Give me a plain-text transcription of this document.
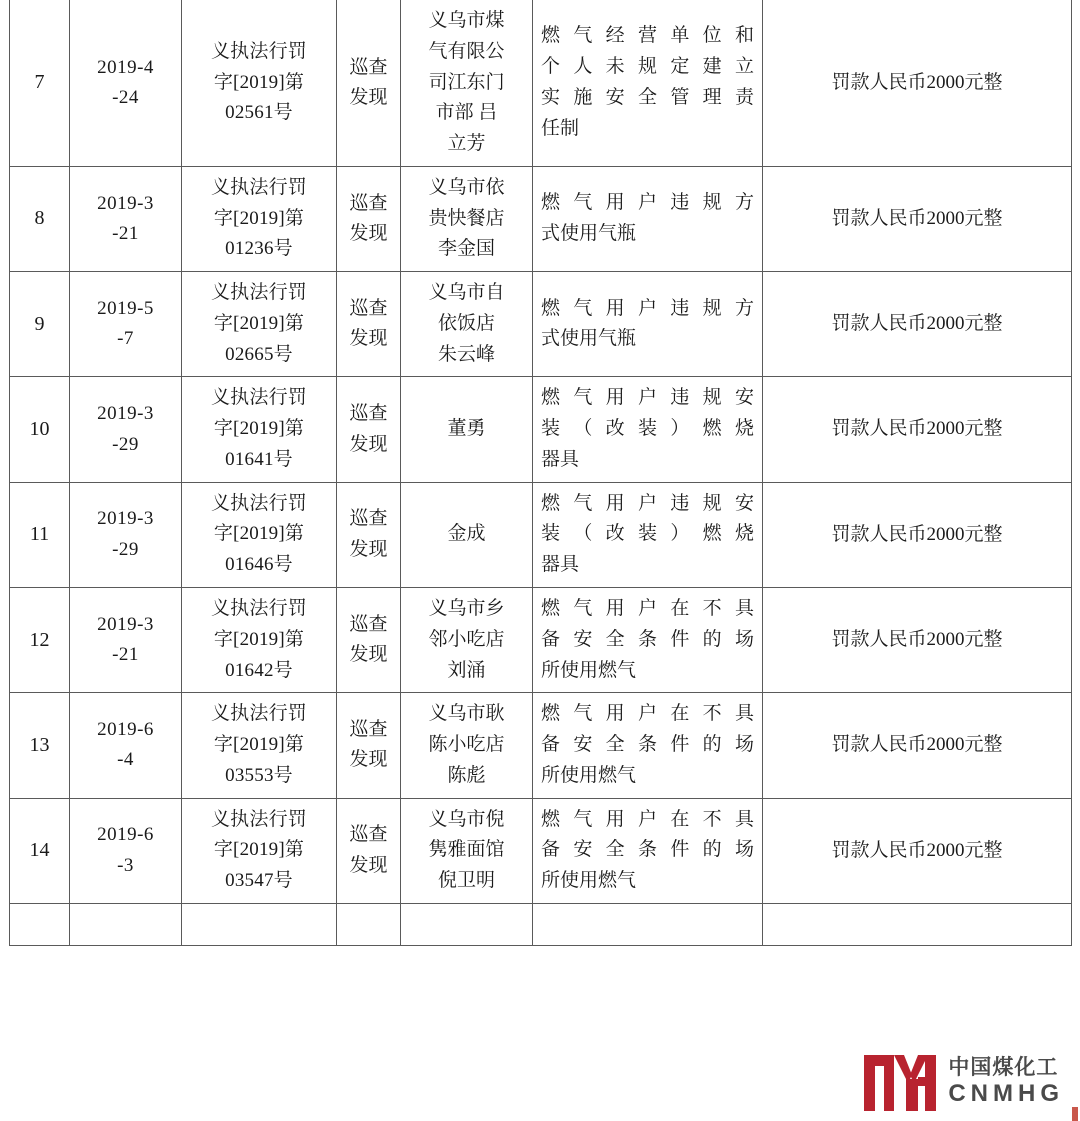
7	2019-4
-24	义执法行罚
字[2019]第
02561号	巡查
发现	义乌市煤
气有限公
司江东门
市部 吕
立芳	燃气经营单位和
个人未规定建立
实施安全管理责
任制	罚款人民币2000元整
8	2019-3
-21	义执法行罚
字[2019]第
01236号	巡查
发现	义乌市依
贵快餐店
李金国	燃气用户违规方
式使用气瓶	罚款人民币2000元整
9	2019-5
-7	义执法行罚
字[2019]第
02665号	巡查
发现	义乌市自
依饭店
朱云峰	燃气用户违规方
式使用气瓶	罚款人民币2000元整
10	2019-3
-29	义执法行罚
字[2019]第
01641号	巡查
发现	董勇	燃气用户违规安
装（改装）燃烧
器具	罚款人民币2000元整
11	2019-3
-29	义执法行罚
字[2019]第
01646号	巡查
发现	金成	燃气用户违规安
装（改装）燃烧
器具	罚款人民币2000元整
12	2019-3
-21	义执法行罚
字[2019]第
01642号	巡查
发现	义乌市乡
邻小吃店
刘涌	燃气用户在不具
备安全条件的场
所使用燃气	罚款人民币2000元整
13	2019-6
-4	义执法行罚
字[2019]第
03553号	巡查
发现	义乌市耿
陈小吃店
陈彪	燃气用户在不具
备安全条件的场
所使用燃气	罚款人民币2000元整
14	2019-6
-3	义执法行罚
字[2019]第
03547号	巡查
发现	义乌市倪
隽雅面馆
倪卫明	燃气用户在不具
备安全条件的场
所使用燃气	罚款人民币2000元整

中国煤化工
CNMHG
